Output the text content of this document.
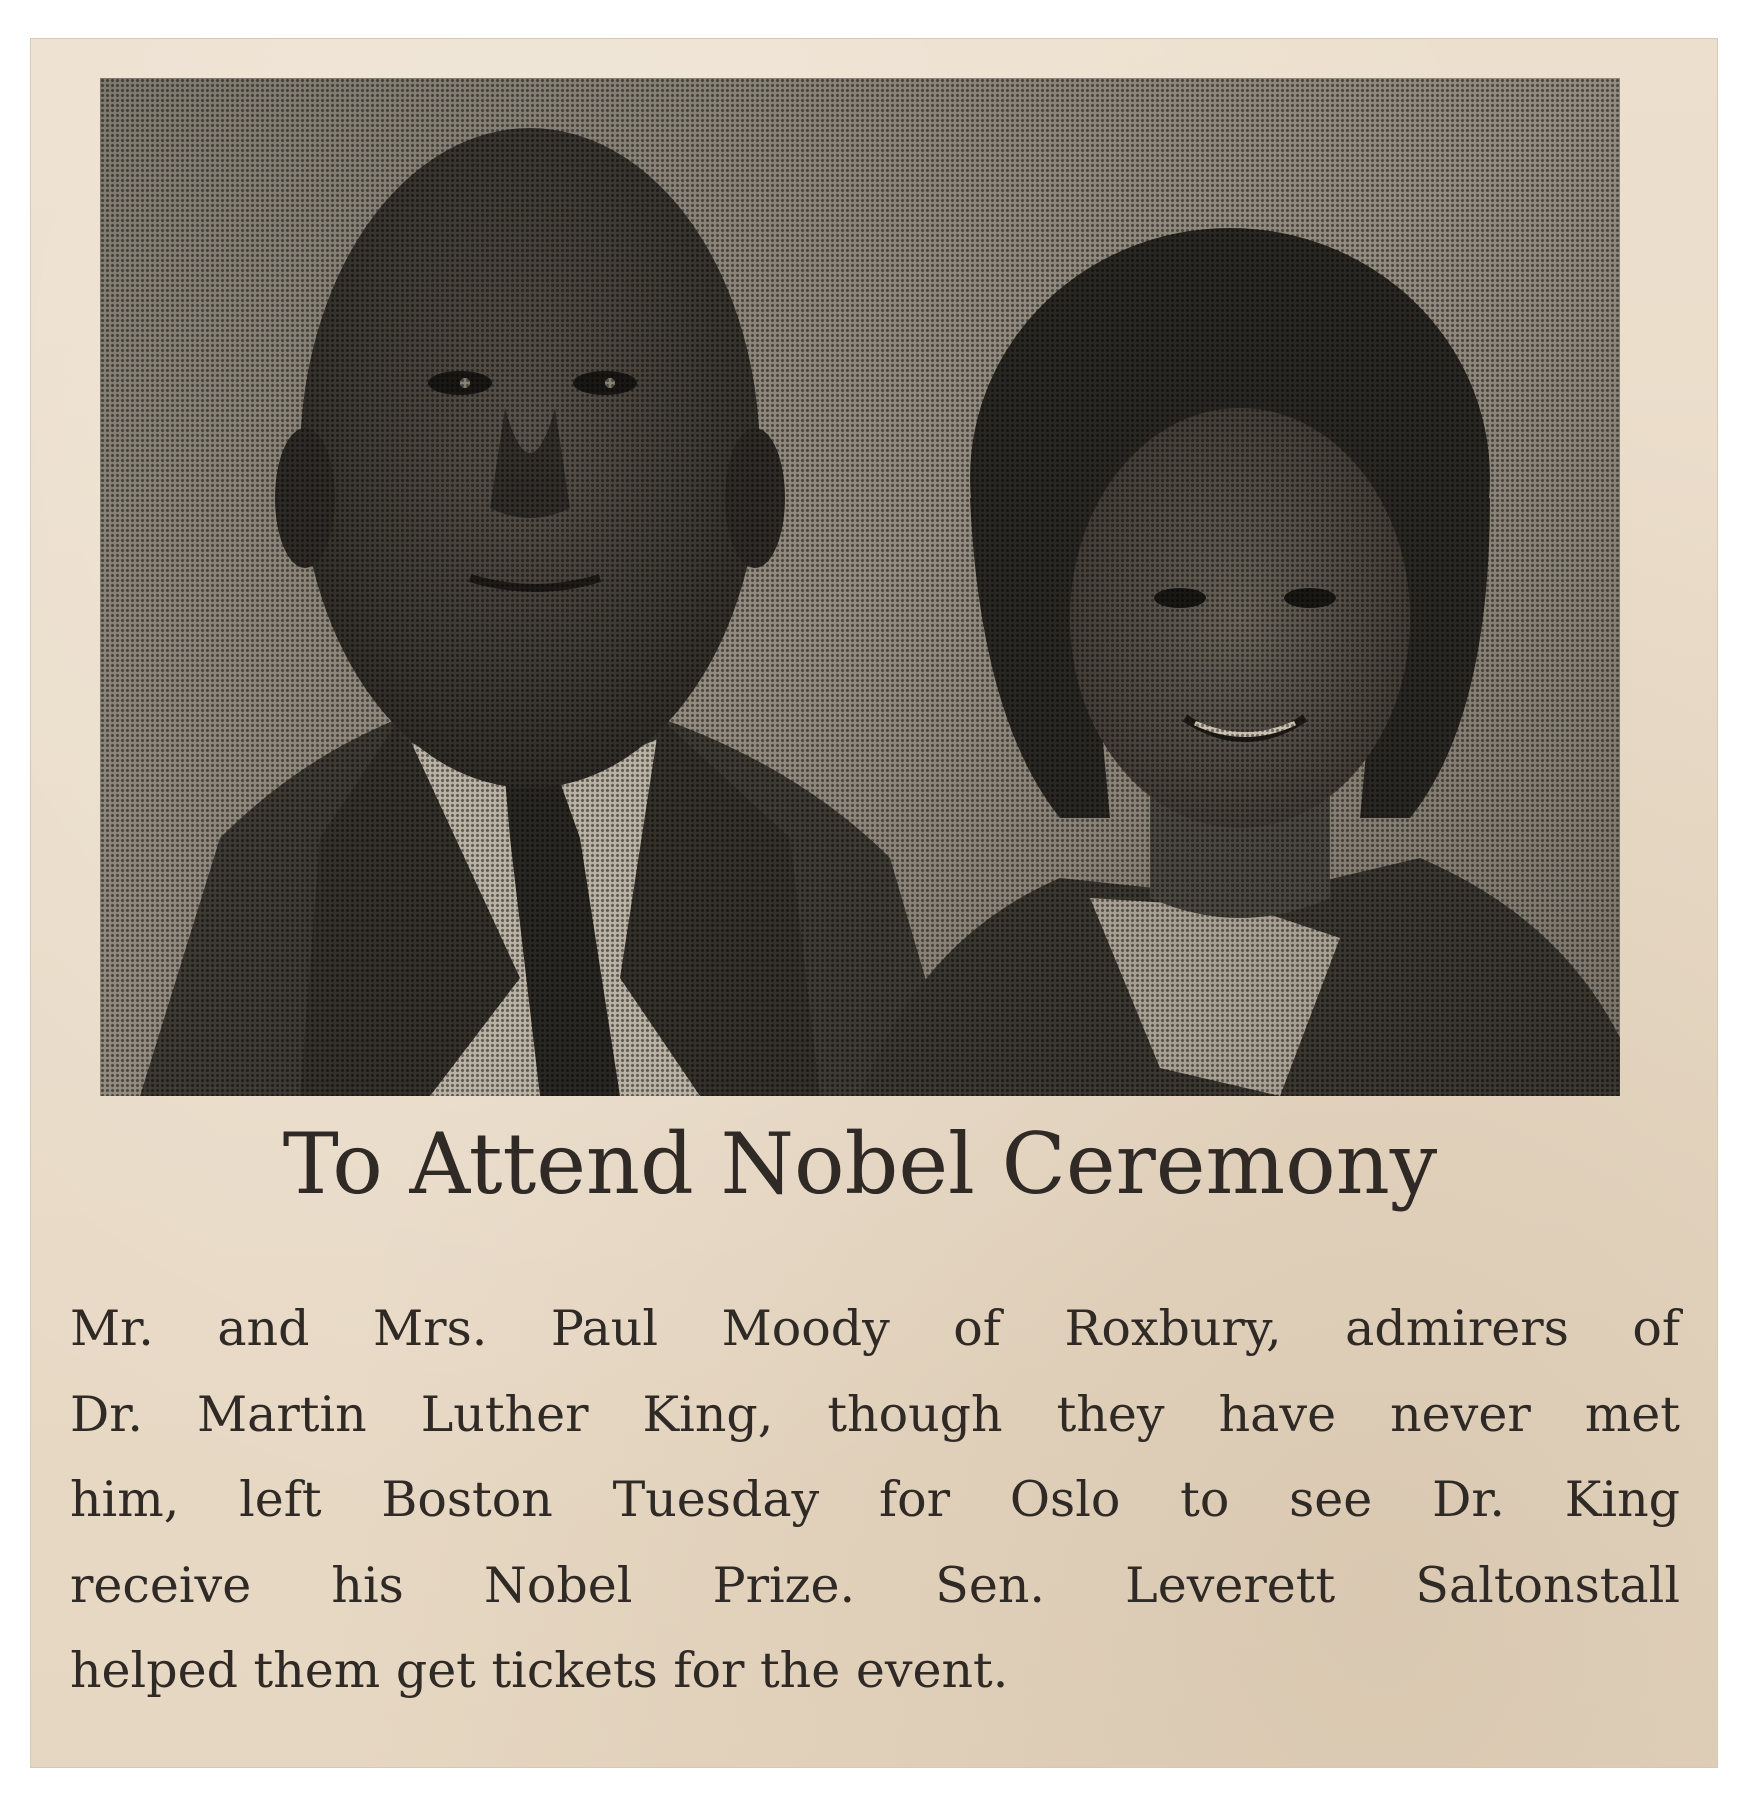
To Attend Nobel Ceremony
Mr. and Mrs. Paul Moody of Roxbury, admirers of
Dr. Martin Luther King, though they have never met
him, left Boston Tuesday for Oslo to see Dr. King
receive his Nobel Prize. Sen. Leverett Saltonstall
helped them get tickets for the event.
